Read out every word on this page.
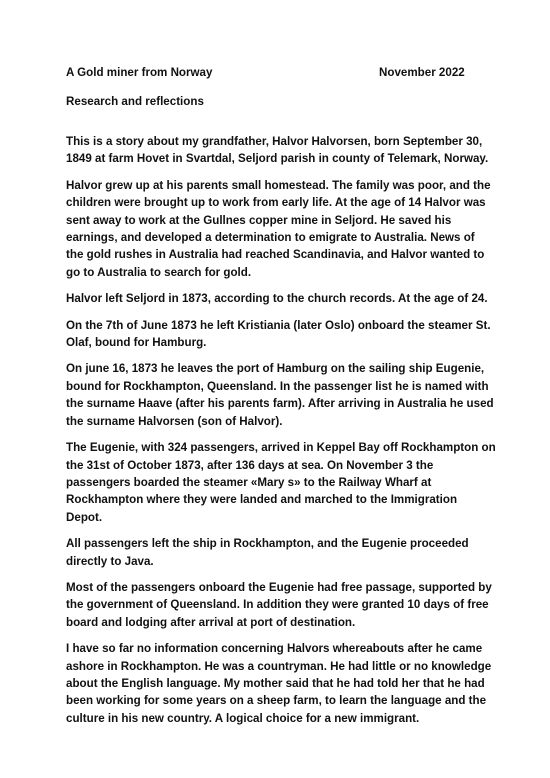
A Gold miner from Norway	November 2022
Research and reflections

This is a story about my grandfather, Halvor Halvorsen, born September 30,
1849 at farm Hovet in Svartdal, Seljord parish in county of Telemark, Norway.

Halvor grew up at his parents small homestead. The family was poor, and the
children were brought up to work from early life. At the age of 14 Halvor was
sent away to work at the Gullnes copper mine in Seljord. He saved his
earnings, and developed a determination to emigrate to Australia. News of
the gold rushes in Australia had reached Scandinavia, and Halvor wanted to
go to Australia to search for gold.

Halvor left Seljord in 1873, according to the church records. At the age of 24.

On the 7th of June 1873 he left Kristiania (later Oslo) onboard the steamer St.
Olaf, bound for Hamburg.

On june 16, 1873 he leaves the port of Hamburg on the sailing ship Eugenie,
bound for Rockhampton, Queensland. In the passenger list he is named with
the surname Haave (after his parents farm). After arriving in Australia he used
the surname Halvorsen (son of Halvor).

The Eugenie, with 324 passengers, arrived in Keppel Bay off Rockhampton on
the 31st of October 1873, after 136 days at sea. On November 3 the
passengers boarded the steamer «Mary s» to the Railway Wharf at
Rockhampton where they were landed and marched to the Immigration
Depot.

All passengers left the ship in Rockhampton, and the Eugenie proceeded
directly to Java.

Most of the passengers onboard the Eugenie had free passage, supported by
the government of Queensland. In addition they were granted 10 days of free
board and lodging after arrival at port of destination.

I have so far no information concerning Halvors whereabouts after he came
ashore in Rockhampton. He was a countryman. He had little or no knowledge
about the English language. My mother said that he had told her that he had
been working for some years on a sheep farm, to learn the language and the
culture in his new country. A logical choice for a new immigrant.
